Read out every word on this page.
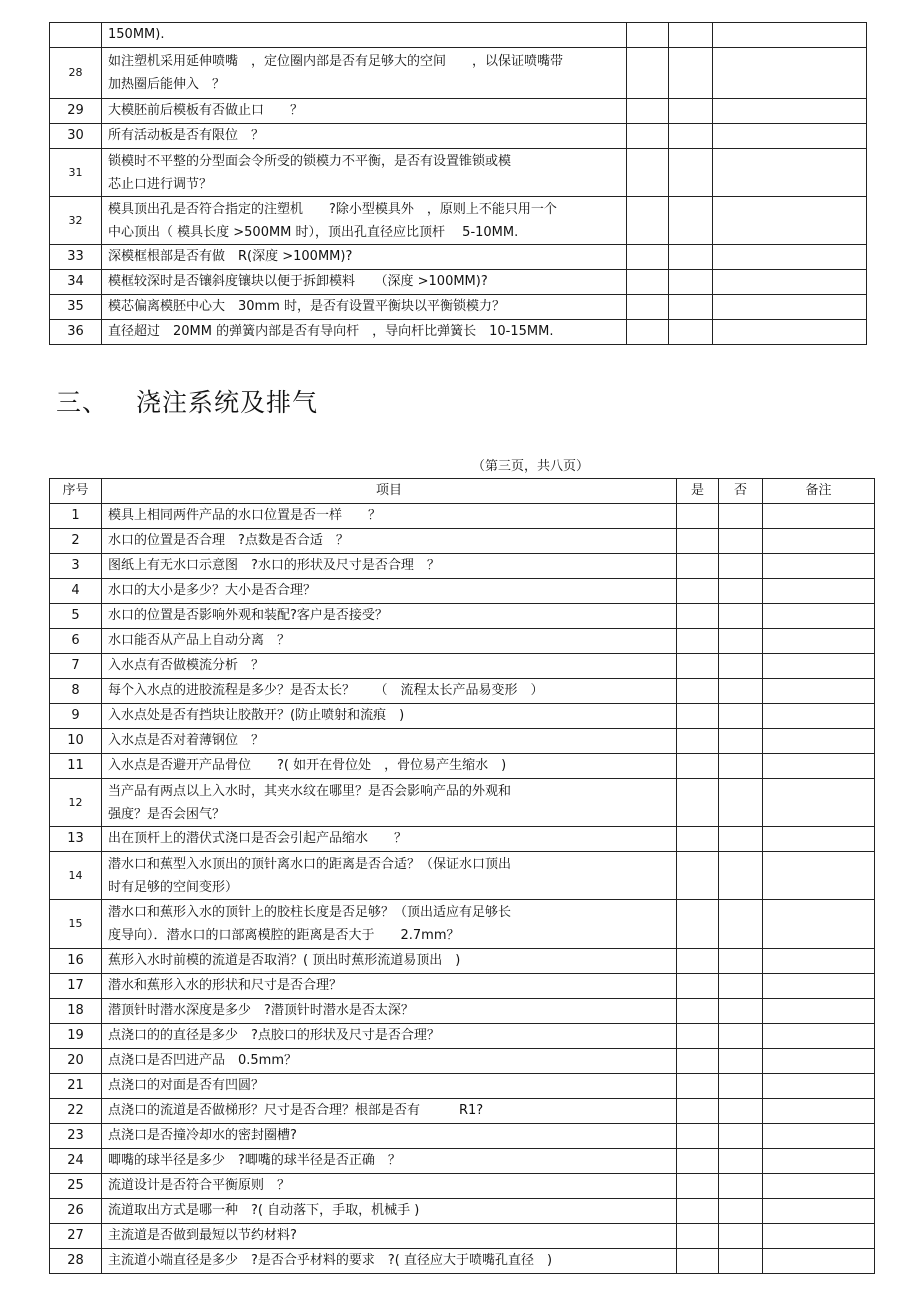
	150MM).			

28	如注塑机采用延伸喷嘴　，定位圈内部是否有足够大的空间　　，以保证喷嘴带
加热圈后能伸入　？			

29	大模胚前后模板有否做止口　　？			

30	所有活动板是否有限位　？			

31	锁模时不平整的分型面会令所受的锁模力不平衡，是否有设置锥锁或模
芯止口进行调节？			

32	模具顶出孔是否符合指定的注塑机　　?除小型模具外　，原则上不能只用一个
中心顶出（ 模具长度 >500MM 时），顶出孔直径应比顶杆　 5-10MM.			

33	深模框根部是否有做　R(深度 >100MM)?			

34	模框较深时是否镶斜度镶块以便于拆卸模料　　（深度 >100MM)?			

35	模芯偏离模胚中心大　30mm 时，是否有设置平衡块以平衡锁模力？			

36	直径超过　20MM 的弹簧内部是否有导向杆　，导向杆比弹簧长　10-15MM.			

三、 浇注系统及排气
（第三页，共八页）
序号	项目	是	否	备注
1	模具上相同两件产品的水口位置是否一样　　？			

2	水口的位置是否合理　?点数是否合适　？			

3	图纸上有无水口示意图　?水口的形状及尺寸是否合理　？			

4	水口的大小是多少？大小是否合理？			

5	水口的位置是否影响外观和装配?客户是否接受？			

6	水口能否从产品上自动分离　？			

7	入水点有否做模流分析　？			

8	每个入水点的进胶流程是多少？是否太长？　　（　流程太长产品易变形　）			

9	入水点处是否有挡块让胶散开？(防止喷射和流痕　)			

10	入水点是否对着薄钢位　？			

11	入水点是否避开产品骨位　　?( 如开在骨位处　，骨位易产生缩水　)			

12	当产品有两点以上入水时，其夹水纹在哪里？是否会影响产品的外观和
强度？是否会困气？			

13	出在顶杆上的潜伏式浇口是否会引起产品缩水　　？			

14	潜水口和蕉型入水顶出的顶针离水口的距离是否合适？（保证水口顶出
时有足够的空间变形）			

15	潜水口和蕉形入水的顶针上的胶柱长度是否足够？（顶出适应有足够长
度导向）．潜水口的口部离模腔的距离是否大于　　2.7mm？			

16	蕉形入水时前模的流道是否取消？( 顶出时蕉形流道易顶出　)			

17	潜水和蕉形入水的形状和尺寸是否合理？			

18	潜顶针时潜水深度是多少　?潜顶针时潜水是否太深？			

19	点浇口的的直径是多少　?点胶口的形状及尺寸是否合理？			

20	点浇口是否凹进产品　0.5mm？			

21	点浇口的对面是否有凹圆？			

22	点浇口的流道是否做梯形？尺寸是否合理？根部是否有　　　R1?			

23	点浇口是否撞冷却水的密封圈槽?			

24	唧嘴的球半径是多少　?唧嘴的球半径是否正确　？			

25	流道设计是否符合平衡原则　？			

26	流道取出方式是哪一种　?( 自动落下，手取，机械手 )			

27	主流道是否做到最短以节约材料?			

28	主流道小端直径是多少　?是否合乎材料的要求　?( 直径应大于喷嘴孔直径　)			
